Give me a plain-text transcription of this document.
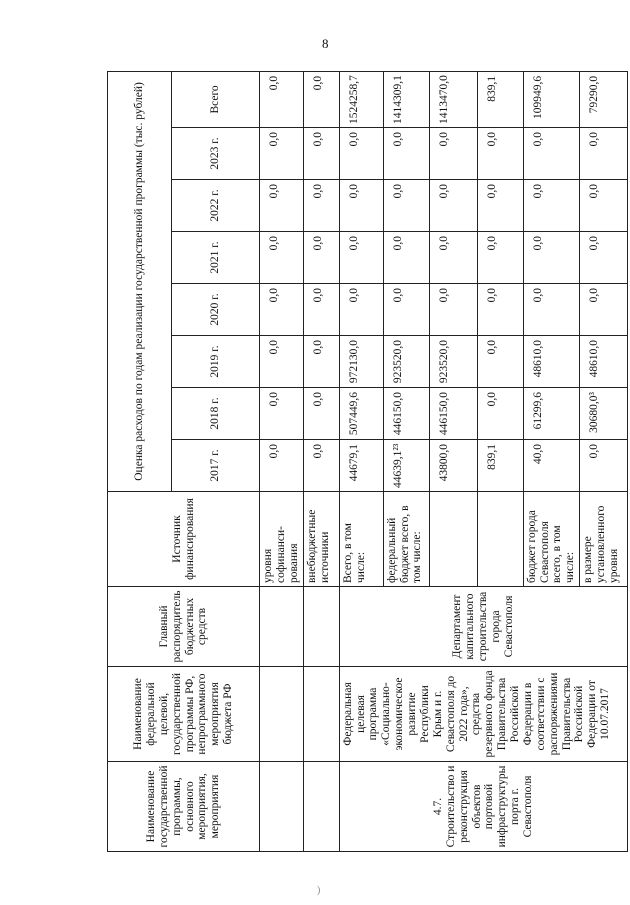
8
Наименование государственной программы, основного мероприятия, мероприятия	Наименование федеральной целевой, государственной программы РФ, непрограммного мероприятия бюджета РФ	Главный распорядитель бюджетных средств	Источник финансирования	Оценка расходов по годам реализации государственной программы (тыс. рублей)							
				2017 г.	2018 г.	2019 г.	2020 г.	2021 г.	2022 г.	2023 г.	Всего
			уровня софинанси-рования	0,0	0,0	0,0	0,0	0,0	0,0	0,0	0,0
			внебюджетные источники	0,0	0,0	0,0	0,0	0,0	0,0	0,0	0,0
4.7. Строительство и реконструкция объектов портовой инфраструктуры порта г. Севастополя	Федеральная целевая программа «Социально-экономическое развитие Республики Крым и г. Севастополя до 2022 года», средства резервного фонда Правительства Российской Федерации в соответствии с распоряжениями Правительства Российской Федерации от 10.07.2017	Департамент капитального строительства города Севастополя	Всего, в том числе:	44679,1	507449,6	972130,0	0,0	0,0	0,0	0,0	1524258,7
			федеральный бюджет всего, в том числе:	44639,1²³	446150,0	923520,0	0,0	0,0	0,0	0,0	1414309,1
				43800,0	446150,0	923520,0	0,0	0,0	0,0	0,0	1413470,0
				839,1	0,0	0,0	0,0	0,0	0,0	0,0	839,1
			бюджет города Севастополя всего, в том числе:	40,0	61299,6	48610,0	0,0	0,0	0,0	0,0	109949,6
			в размере установленного уровня	0,0	30680,0³	48610,0	0,0	0,0	0,0	0,0	79290,0
)
